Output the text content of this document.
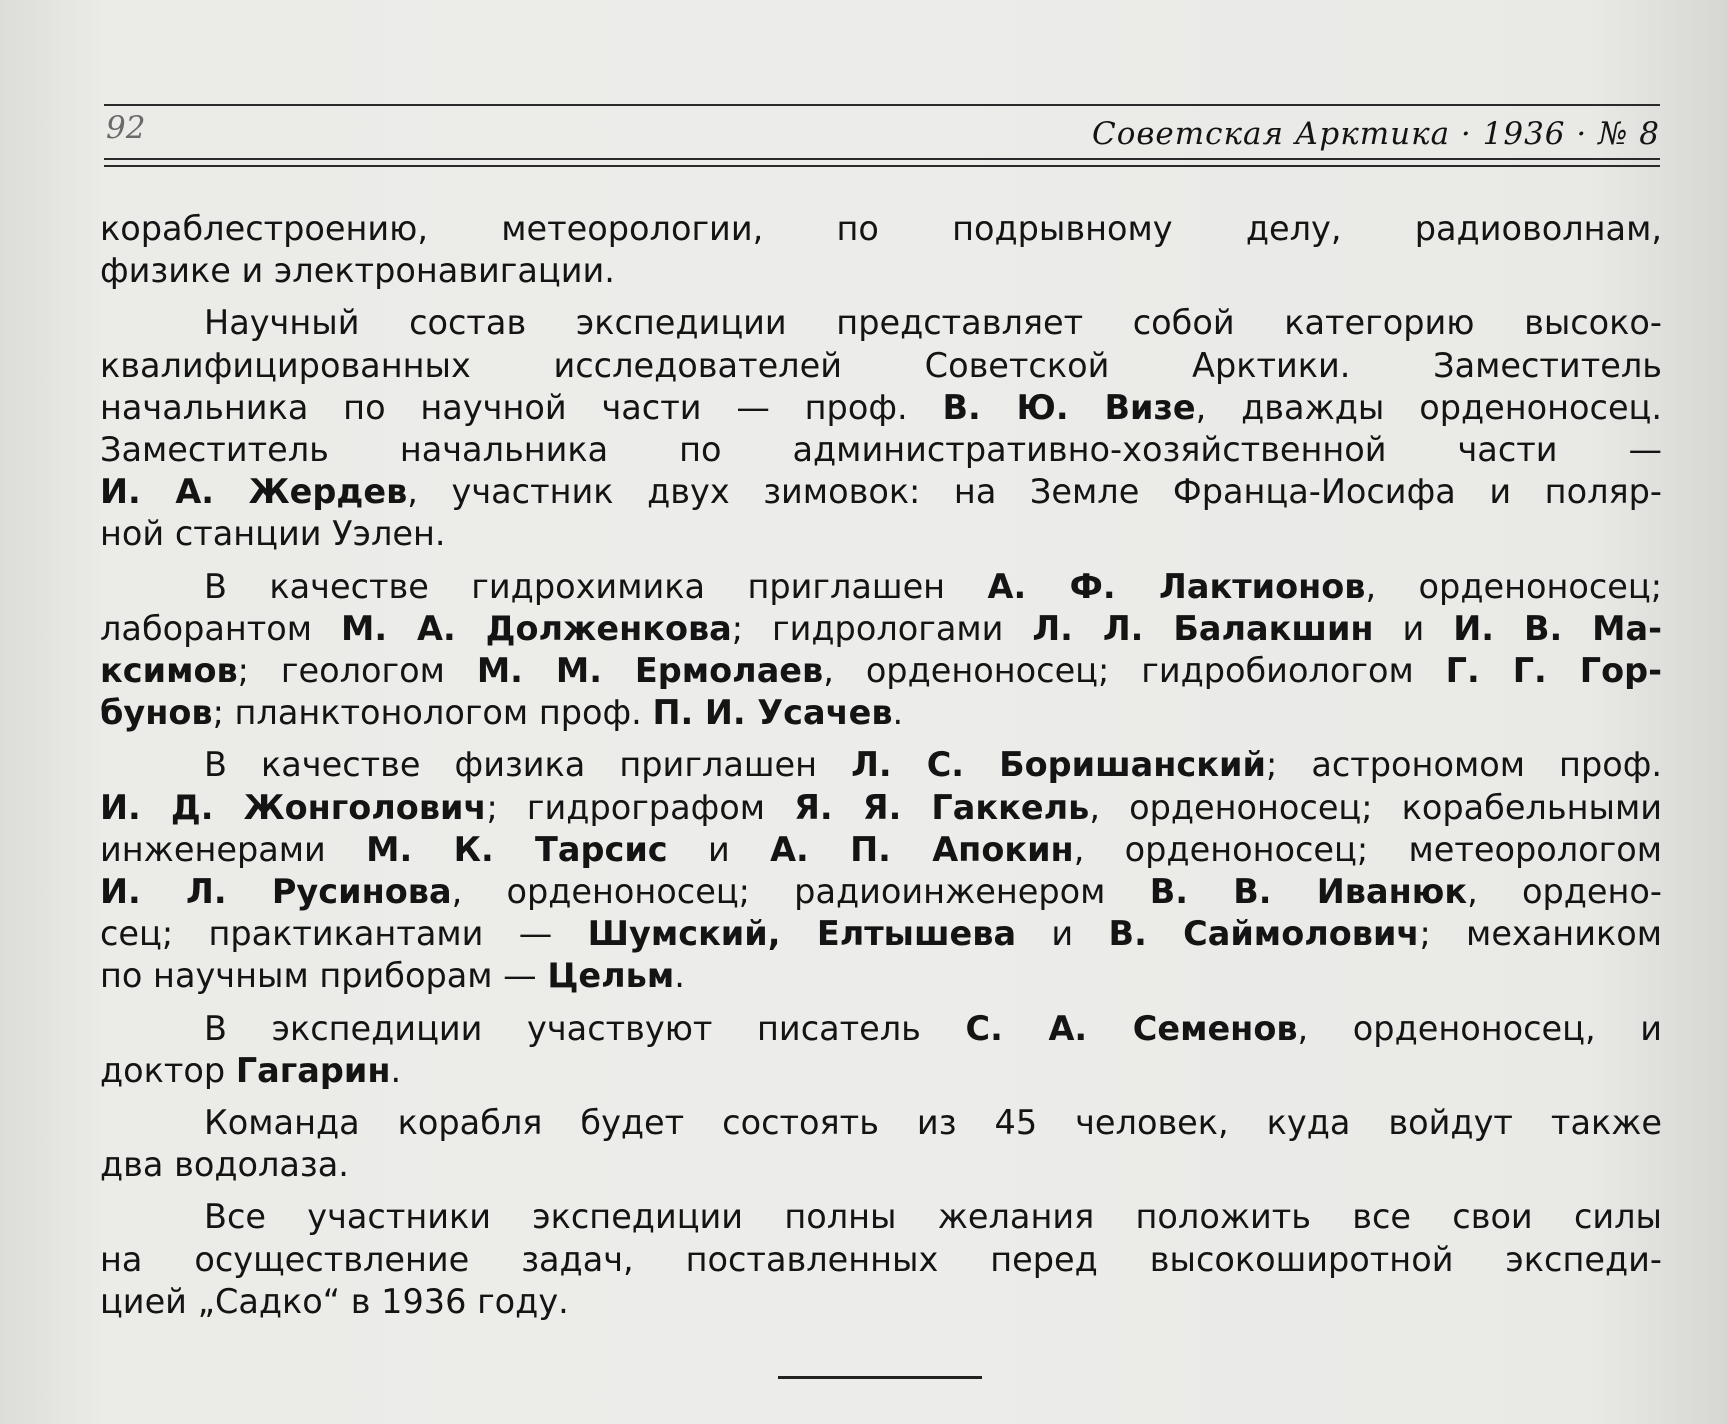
92	Советская Арктика · 1936 · № 8
кораблестроению, метеорологии, по подрывному делу, радиоволнам,
физике и электронавигации.
Научный состав экспедиции представляет собой категорию высоко-
квалифицированных исследователей Советской Арктики. Заместитель
начальника по научной части — проф. В. Ю. Визе, дважды орденоносец.
Заместитель начальника по административно-хозяйственной части —
И. А. Жердев, участник двух зимовок: на Земле Франца-Иосифа и поляр-
ной станции Уэлен.
В качестве гидрохимика приглашен А. Ф. Лактионов, орденоносец;
лаборантом М. А. Долженкова; гидрологами Л. Л. Балакшин и И. В. Ма-
ксимов; геологом М. М. Ермолаев, орденоносец; гидробиологом Г. Г. Гор-
бунов; планктонологом проф. П. И. Усачев.
В качестве физика приглашен Л. С. Боришанский; астрономом проф.
И. Д. Жонголович; гидрографом Я. Я. Гаккель, орденоносец; корабельными
инженерами М. К. Тарсис и А. П. Апокин, орденоносец; метеорологом
И. Л. Русинова, орденоносец; радиоинженером В. В. Иванюк, ордено-
сец; практикантами — Шумский, Елтышева и В. Саймолович; механиком
по научным приборам — Цельм.
В экспедиции участвуют писатель С. А. Семенов, орденоносец, и
доктор Гагарин.
Команда корабля будет состоять из 45 человек, куда войдут также
два водолаза.
Все участники экспедиции полны желания положить все свои силы
на осуществление задач, поставленных перед высокоширотной экспеди-
цией „Садко“ в 1936 году.
